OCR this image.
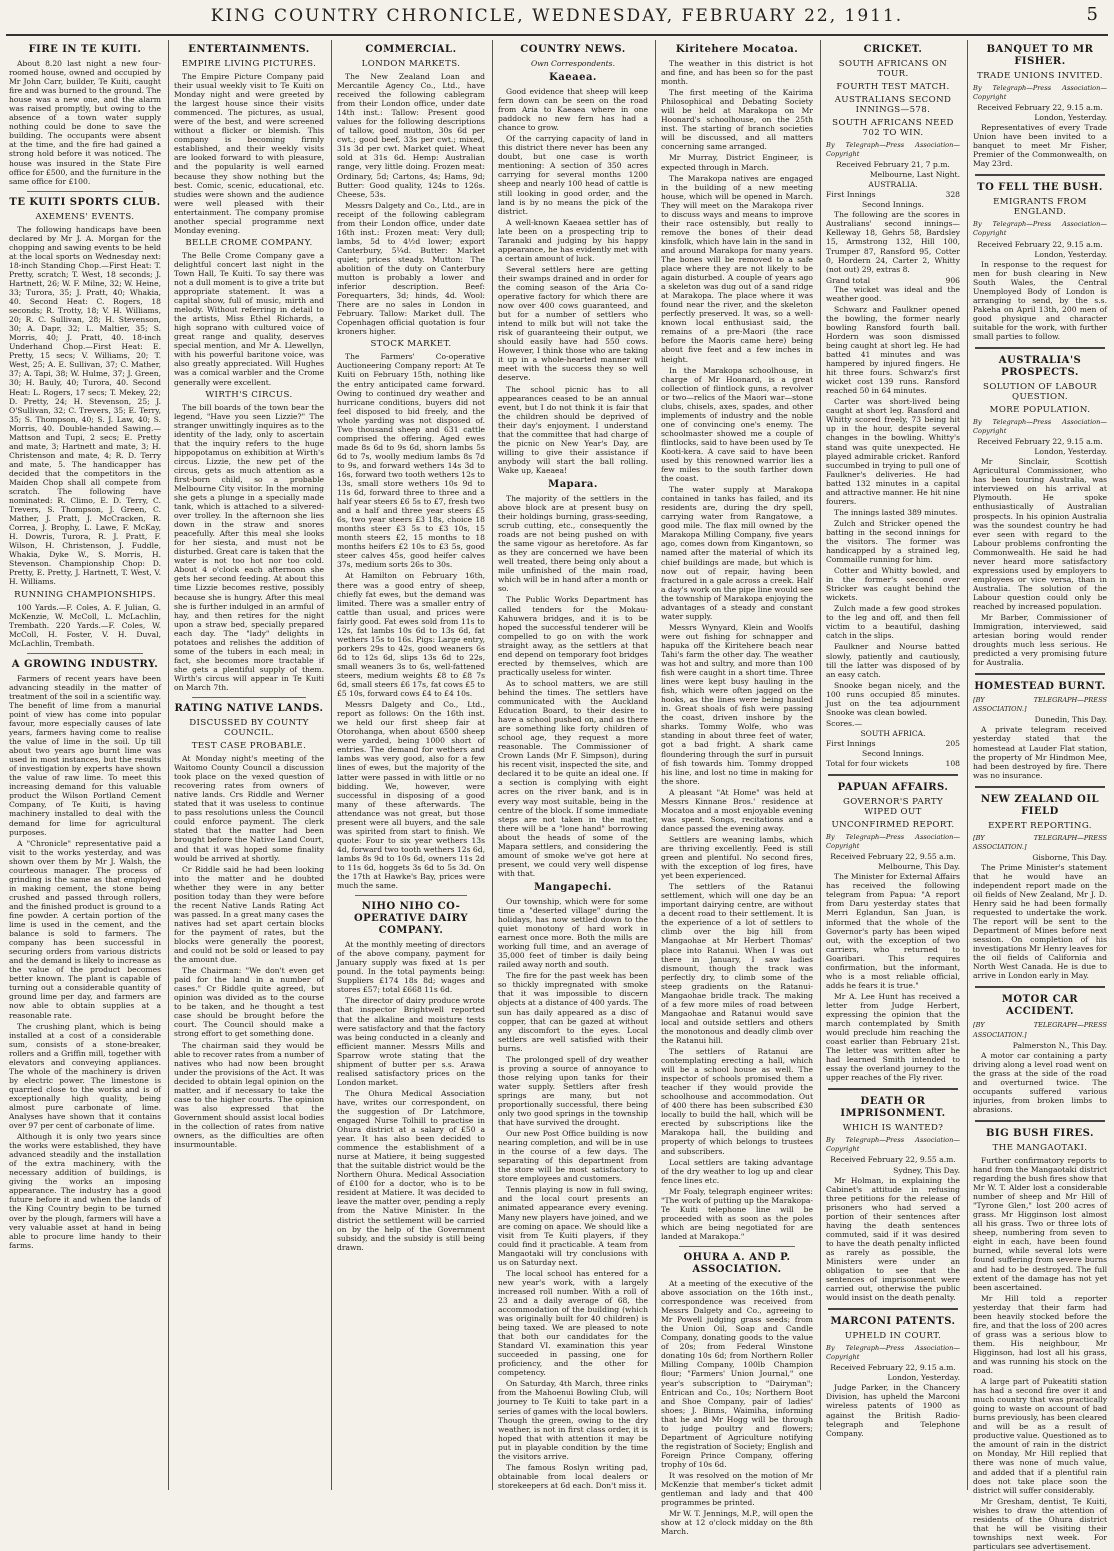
KING COUNTRY CHRONICLE, WEDNESDAY, FEBRUARY 22, 1911.	5
FIRE IN TE KUITI.

About 8.20 last night a new four-roomed house, owned and occupied by Mr John Carr, builder, Te Kuiti, caught fire and was burned to the ground. The house was a new one, and the alarm was raised promptly, but owing to the absence of a town water supply nothing could be done to save the building. The occupants were absent at the time, and the fire had gained a strong hold before it was noticed. The house was insured in the State Fire office for £500, and the furniture in the same office for £100.

TE KUITI SPORTS CLUB.
AXEMENS' EVENTS.

The following handicaps have been declared by Mr J. A. Morgan for the chopping and sawing events to be held at the local sports on Wednesday next: 18-inch Standing Chop.—First Heat: T. Pretty, scratch; T. West, 18 seconds; J. Hartnett, 26; W. F. Milne, 32; W. Heine, 33; Turora, 35; J. Pratt, 40; Whakia, 40. Second Heat: C. Rogers, 18 seconds; R. Trotty, 18; V. H. Williams, 20; R. C. Sullivan, 28; H. Stevenson, 30; A. Dapr, 32; L. Maltier, 35; S. Morris, 40; J. Pratt, 40. 18-inch Underhand Chop.—First Heat: E. Pretty, 15 secs; V. Williams, 20; T. West, 25; A. E. Sullivan, 37; C. Mather, 37; A. Tapi, 38; W. Hulme, 37; J. Green, 30; H. Bauly, 40; Turora, 40. Second Heat: L. Rogers, 17 secs; T. Mekey, 22; D. Pretty, 24; H. Stevenson, 25; J. O'Sullivan, 32; C. Trevers, 35; E. Terry, 35; S. Thompson, 40; S. J. Law, 40; S. Morris, 40. Double-handed Sawing.—Mattson and Tupi, 2 secs; E. Pretty and mate, 3; Hartnett and mate, 3; H. Christenson and mate, 4; R. D. Terry and mate, 5. The handicapper has decided that the competitors in the Maiden Chop shall all compete from scratch. The following have nominated: R. Climo, E. D. Terry, C. Trevers, S. Thompson, J. Green, C. Mather, J. Pratt, J. McCracken, R. Correa, J. Brophy, L. Lawe, F. McKay, H. Dowris, Turora, R. J. Pratt, F. Wilson, H. Christenson, J. Fuddle, Whakia, Dyke W., S. Morris, H. Stevenson. Championship Chop: D. Pretty, E. Pretty, J. Hartnett, T. West, V. H. Williams.

RUNNING CHAMPIONSHIPS.

100 Yards.—F. Coles, A. F. Julian, G. McKenzie, W. McColl, L. McLachlin, Trembath. 220 Yards.—F. Coles, W. McColl, H. Foster, V. H. Duval, McLachlin, Trembath.

A GROWING INDUSTRY.

Farmers of recent years have been advancing steadily in the matter of treatment of the soil in a scientific way. The benefit of lime from a manurial point of view has come into popular favour, more especially causes of late years, farmers having come to realise the value of lime in the soil. Up till about two years ago burnt lime was used in most instances, but the results of investigation by experts have shown the value of raw lime. To meet this increasing demand for this valuable product the Wilson Portland Cement Company, of Te Kuiti, is having machinery installed to deal with the demand for lime for agricultural purposes.

A "Chronicle" representative paid a visit to the works yesterday, and was shown over them by Mr J. Walsh, the courteous manager. The process of grinding is the same as that employed in making cement, the stone being crushed and passed through rollers, and the finished product is ground to a fine powder. A certain portion of the lime is used in the cement, and the balance is sold to farmers. The company has been successful in securing orders from various districts and the demand is likely to increase as the value of the product becomes better known. The plant is capable of turning out a considerable quantity of ground lime per day, and farmers are now able to obtain supplies at a reasonable rate.

The crushing plant, which is being installed at a cost of a considerable sum, consists of a stone-breaker, rollers and a Griffin mill, together with elevators and conveying appliances. The whole of the machinery is driven by electric power. The limestone is quarried close to the works and is of exceptionally high quality, being almost pure carbonate of lime. Analyses have shown that it contains over 97 per cent of carbonate of lime.

Although it is only two years since the works were established, they have advanced steadily and the installation of the extra machinery, with the necessary addition of buildings, is giving the works an imposing appearance. The industry has a good future before it and when the lands of the King Country begin to be turned over by the plough, farmers will have a very valuable asset at hand in being able to procure lime handy to their farms.

ENTERTAINMENTS.
EMPIRE LIVING PICTURES.

The Empire Picture Company paid their usual weekly visit to Te Kuiti on Monday night and were greeted by the largest house since their visits commenced. The pictures, as usual, were of the best, and were screened without a flicker or blemish. This company is becoming firmly established, and their weekly visits are looked forward to with pleasure, and the popularity is well earned because they show nothing but the best. Comic, scenic, educational, etc. studies were shown and the audience were well pleased with their entertainment. The company promise another special programme next Monday evening.

BELLE CROME COMPANY.

The Belle Crome Company gave a delightful concert last night in the Town Hall, Te Kuiti. To say there was not a dull moment is to give a trite but appropriate statement. It was a capital show, full of music, mirth and melody. Without referring in detail to the artists, Miss Ethel Richards, a high soprano with cultured voice of great range and quality, deserves special mention, and Mr A. Llewellyn, with his powerful baritone voice, was also greatly appreciated. Will Hughes was a comical warbler and the Crome generally were excellent.

WIRTH'S CIRCUS.

The bill boards of the town bear the legend, "Have you seen Lizzie?" The stranger unwittingly inquires as to the identity of the lady, only to ascertain that the inquiry refers to the huge hippopotamus on exhibition at Wirth's circus. Lizzie, the new pet of the circus, gets as much attention as a first-born child, so a probable Melbourne City visitor. In the morning she gets a plunge in a specially made tank, which is attached to a silvered-over trolley. In the afternoon she lies down in the straw and snores peacefully. After this meal she looks for her siesta, and must not be disturbed. Great care is taken that the water is not too hot nor too cold. About 4 o'clock each afternoon she gets her second feeding. At about this time Lizzie becomes restive, possibly because she is hungry. After this meal she is further indulged in an armful of hay, and then retires for the night upon a straw bed, specially prepared each day. The "lady" delights in potatoes and relishes the addition of some of the tubers in each meal; in fact, she becomes more tractable if she gets a plentiful supply of them. Wirth's circus will appear in Te Kuiti on March 7th.

RATING NATIVE LANDS.
DISCUSSED BY COUNTY COUNCIL.
TEST CASE PROBABLE.

At Monday night's meeting of the Waitomo County Council a discussion took place on the vexed question of recovering rates from owners of native lands. Crs Riddle and Werner stated that it was useless to continue to pass resolutions unless the Council could enforce payment. The clerk stated that the matter had been brought before the Native Land Court, and that it was hoped some finality would be arrived at shortly.

Cr Riddle said he had been looking into the matter and he doubted whether they were in any better position today than they were before the recent Native Lands Rating Act was passed. In a great many cases the natives had set apart certain blocks for the payment of rates, but the blocks were generally the poorest, and could not be sold or leased to pay the amount due.

The Chairman: "We don't even get paid for the land in a number of cases." Cr Riddle quite agreed, but opinion was divided as to the course to be taken, and he thought a test case should be brought before the court. The Council should make a strong effort to get something done.

The chairman said they would be able to recover rates from a number of natives who had now been brought under the provisions of the Act. It was decided to obtain legal opinion on the matter, and if necessary to take the case to the higher courts. The opinion was also expressed that the Government should assist local bodies in the collection of rates from native owners, as the difficulties are often insurmountable.

COMMERCIAL.
LONDON MARKETS.

The New Zealand Loan and Mercantile Agency Co., Ltd., have received the following cablegram from their London office, under date 14th inst.: Tallow: Present good values for the following descriptions of tallow, good mutton, 30s 6d per cwt.; good beef, 33s per cwt.; mixed, 31s 3d per cwt. Market quiet. Wheat sold at 31s 6d. Hemp: Australian range, very little doing. Frozen meat: Ordinary, 5d; Cartons, 4s; Hams, 9d; Butter: Good quality, 124s to 126s. Cheese, 53s.

Messrs Dalgety and Co., Ltd., are in receipt of the following cablegram from their London office, under date 16th inst.: Frozen meat: Very dull; lambs, 5d to 4½d lower; export Canterbury, 5¼d. Butter: Market quiet; prices steady. Mutton: The abolition of the duty on Canterbury mutton is probably a lower and inferior description. Beef: Forequarters, 3d; hinds, 4d. Wool: There are no sales in London in February. Tallow: Market dull. The Copenhagen official quotation is four kroners higher.

STOCK MARKET.

The Farmers' Co-operative Auctioneering Company report: At Te Kuiti on February 15th, nothing like the entry anticipated came forward. Owing to continued dry weather and hurricane conditions, buyers did not feel disposed to bid freely, and the whole yarding was not disposed of. Two thousand sheep and 631 cattle comprised the offering. Aged ewes made 8s 6d to 9s 6d, shorn lambs 5s 6d to 7s, woolly medium lambs 8s 7d to 9s, and forward wethers 14s 3d to 16s, forward two tooth wethers 12s to 13s, small store wethers 10s 9d to 11s 6d, forward three to three and a half year steers £6 5s to £7, fresh two and a half and three year steers £5 6s, two year steers £3 18s, choice 18 months steer £3 5s to £3 10s, 15 month steers £2, 15 months to 18 months heifers £2 10s to £3 5s, good steer calves 45s, good heifer calves 37s, medium sorts 26s to 30s.

At Hamilton on February 16th, there was a good entry of sheep, chiefly fat ewes, but the demand was limited. There was a smaller entry of cattle than usual, and prices were fairly good. Fat ewes sold from 11s to 12s, fat lambs 10s 6d to 13s 6d, fat wethers 15s to 16s. Pigs: Large entry, porkers 29s to 42s, good weaners 6s 6d to 12s 6d, slips 13s 6d to 22s, small weaners 3s to 6s, well-fattened steers, medium weights £8 to £8 7s 6d, small steers £6 17s, fat cows £5 to £5 10s, forward cows £4 to £4 10s.

Messrs Dalgety and Co., Ltd., report as follows: On the 16th inst. we held our first sheep fair at Otorohanga, when about 6500 sheep were yarded, being 1000 short of entries. The demand for wethers and lambs was very good, also for a few lines of ewes, but the majority of the latter were passed in with little or no bidding. We, however, were successful in disposing of a good many of these afterwards. The attendance was not great, but those present were all buyers, and the sale was spirited from start to finish. We quote: Four to six year wethers 13s 4d, forward two tooth wethers 12s 6d, lambs 8s 9d to 10s 6d, owners 11s 2d to 11s 6d, hoggets 3s 6d to 5s 3d. On the 17th at Hawke's Bay, prices were much the same.

NIHO NIHO CO-OPERATIVE DAIRY COMPANY.

At the monthly meeting of directors of the above company, payment for January supply was fixed at 1s per pound. In the total payments being: Suppliers £174 18s 8d; wages and stores £57; total £668 11s 6d.

The director of dairy produce wrote that inspector Brightwell reported that the alkaline and moisture tests were satisfactory and that the factory was being conducted in a cleanly and efficient manner. Messrs Mills and Sparrow wrote stating that the shipment of butter per s.s. Arawa realised satisfactory prices on the London market.

The Ohura Medical Association have, writes our correspondent, on the suggestion of Dr Latchmore, engaged Nurse Tolhill to practise in Ohura district at a salary of £50 a year. It has also been decided to commence the establishment of a nurse at Matiere, it being suggested that the suitable district would be the Northern Ohura. Medical Association of £100 for a doctor, who is to be resident at Matiere. It was decided to leave the matter over, pending a reply from the Native Minister. In the district the settlement will be carried on by the help of the Government subsidy, and the subsidy is still being drawn.

COUNTRY NEWS.
Own Correspondents.
Kaeaea.

Good evidence that sheep will keep fern down can be seen on the road from Aria to Kaeaea where in one paddock no new fern has had a chance to grow.

Of the carrying capacity of land in this district there never has been any doubt, but one case is worth mentioning: A section of 350 acres carrying for several months 1200 sheep and nearly 100 head of cattle is still looking in good order, and the land is by no means the pick of the district.

A well-known Kaeaea settler has of late been on a prospecting trip to Taranaki and judging by his happy appearance, he has evidently met with a certain amount of luck.

Several settlers here are getting their swamps drained and in order for the coming season of the Aria Co-operative factory for which there are now over 400 cows guaranteed, and but for a number of settlers who intend to milk but will not take the risk of guaranteeing their output, we should easily have had 550 cows. However, I think those who are taking it up in a whole-hearted manner will meet with the success they so well deserve.

The school picnic has to all appearances ceased to be an annual event, but I do not think it is fair that the children should be deprived of their day's enjoyment. I understand that the committee that had charge of the picnic on New Year's Day, are willing to give their assistance if anybody will start the ball rolling. Wake up, Kaeaea!

Mapara.

The majority of the settlers in the above block are at present busy on their holdings burning, grass-seeding, scrub cutting, etc., consequently the roads are not being pushed on with the same vigour as heretofore. As far as they are concerned we have been well treated, there being only about a mile unfinished of the main road, which will be in hand after a month or so.

The Public Works Department has called tenders for the Mokau-Kahuwera bridges, and it is to be hoped the successful tenderer will be compelled to go on with the work straight away, as the settlers at that end depend on temporary foot bridges erected by themselves, which are practically useless for winter.

As to school matters, we are still behind the times. The settlers have communicated with the Auckland Education Board, to their desire to have a school pushed on, and as there are something like forty children of school age, they request a more reasonable. The Commissioner of Crown Lands (Mr F. Simpson), during his recent visit, inspected the site, and declared it to be quite an ideal one. If a section is complying with eight acres on the river bank, and is in every way most suitable, being in the centre of the block. If some immediate steps are not taken in the matter, there will be a "lone hand" borrowing about the heads of some of the Mapara settlers, and considering the amount of smoke we've got here at present, we could very well dispense with that.

Mangapechi.

Our township, which were for some time a "deserted village" during the holidays, has now settled down to the quiet monotony of hard work in earnest once more. Both the mills are working full time, and an average of 35,000 feet of timber is daily being railed away north and south.

The fire for the past week has been so thickly impregnated with smoke that it was impossible to discern objects at a distance of 400 yards. The sun has daily appeared as a disc of copper, that can be gazed at without any discomfort to the eyes. Local settlers are well satisfied with their burns.

The prolonged spell of dry weather is proving a source of annoyance to those relying upon tanks for their water supply. Settlers after fresh springs are many, but not proportionally successful, there being only two good springs in the township that have survived the drought.

Our new Post Office building is now nearing completion, and will be in use in the course of a few days. The separating of this department from the store will be most satisfactory to store employees and customers.

Tennis playing is now in full swing, and the local court presents an animated appearance every evening. Many new players have joined, and we are coming on apace. We should like a visit from Te Kuiti players, if they could find it practicable. A team from Mangaotaki will try conclusions with us on Saturday next.

The local school has entered for a new year's work, with a largely increased roll number. With a roll of 23 and a daily average of 68, the accommodation of the building (which was originally built for 40 children) is being taxed. We are pleased to note that both our candidates for the Standard VI. examination this year succeeded in passing, one for proficiency, and the other for competency.

On Saturday, 4th March, three rinks from the Mahoenui Bowling Club, will journey to Te Kuiti to take part in a series of games with the local bowlers. Though the green, owing to the dry weather, is not in first class order, it is hoped that with attention it may be put in playable condition by the time the visitors arrive.

The famous Roslyn writing pad, obtainable from local dealers or storekeepers at 6d each. Don't miss it.

Kiritehere Mocatoa.

The weather in this district is hot and fine, and has been so for the past month.

The first meeting of the Kairima Philosophical and Debating Society will be held at Marakopa on Mr Hoonard's schoolhouse, on the 25th inst. The starting of branch societies will be discussed, and all matters concerning same arranged.

Mr Murray, District Engineer, is expected through in March.

The Marakopa natives are engaged in the building of a new meeting house, which will be opened in March. They will meet on the Marakopa river to discuss ways and means to improve their race ostensibly, but really to remove the bones of their dead kinsfolk, which have lain in the sand in and around Marakopa for many years. The bones will be removed to a safe place where they are not likely to be again disturbed. A couple of years ago a skeleton was dug out of a sand ridge at Marakopa. The place where it was found near the river, and the skeleton perfectly preserved. It was, so a well-known local enthusiast said, the remains of a pre-Maori (the race before the Maoris came here) being about five feet and a few inches in height.

In the Marakopa schoolhouse, in charge of Mr Hoonard, is a great collection of flintlock guns, a revolver or two—relics of the Maori war—stone clubs, chisels, axes, spades, and other implements of industry and the noble one of convincing one's enemy. The schoolmaster showed me a couple of flintlocks, said to have been used by Te Kooti-kera. A cave said to have been used by this renowned warrior lies a few miles to the south farther down the coast.

The water supply at Marakopa contained in tanks has failed, and its residents are, during the dry spell, carrying water from Rangatowe, a good mile. The flax mill owned by the Marakopa Milling Company, five years ago, comes down from Kingantown, so named after the material of which its chief buildings are made, but which is now out of repair, having been fractured in a gale across a creek. Half a day's work on the pipe line would see the township of Marakopa enjoying the advantages of a steady and constant water supply.

Messrs Wynyard, Klein and Woolfs were out fishing for schnapper and hapuka off the Kiritehere beach near Tahi's farm the other day. The weather was hot and sultry, and more than 100 fish were caught in a short time. Three lines were kept busy hauling in the fish, which were often jagged on the hooks, as the lines were being hauled in. Great shoals of fish were passing the coast, driven inshore by the sharks. Tommy Wolfe, who was standing in about three feet of water, got a bad fright. A shark came floundering through the surf in pursuit of fish towards him. Tommy dropped his line, and lost no time in making for the shore.

A pleasant "At Home" was held at Messrs Kinnane Bros.' residence at Mocatoa and a most enjoyable evening was spent. Songs, recitations and a dance passed the evening away.

Settlers are weaning lambs, which are thriving excellently. Feed is still green and plentiful. No second fires, with the exception of log fires, have yet been experienced.

The settlers of the Ratanui settlement, which will one day be an important dairying centre, are without a decent road to their settlement. It is the experience of a lot of settlers to climb over the big hill from Mangaohae at Mr Herbert Thomas' place into Ratanui. When I was out there in January, I saw ladies dismount, though the track was perfectly dry, to climb some of the steep gradients on the Ratanui-Mangaohae bridle track. The making of a few more miles of road between Mangaohae and Ratanui would save local and outside settlers and others the monotonous and deadly climb over the Ratanui hill.

The settlers of Ratanui are contemplating erecting a hall, which will be a school house as well. The inspector of schools promised them a teacher if they would provide the schoolhouse and accommodation. Out of 400 there has been subscribed £30 locally to build the hall, which will be erected by subscriptions like the Marakopa hall, the building and property of which belongs to trustees and subscribers.

Local settlers are taking advantage of the dry weather to log up and clear fence lines etc.

Mr Foaly, telegraph engineer writes: "The work of putting up the Marakopa-Te Kuiti telephone line will be proceeded with as soon as the poles which are being negotiated for are landed at Marakopa."

OHURA A. AND P. ASSOCIATION.

At a meeting of the executive of the above association on the 16th inst., correspondence was received from Messrs Dalgety and Co., agreeing to Mr Powell judging grass seeds; from the Union Oil, Soap and Candle Company, donating goods to the value of 20s; from Federal Winstone donating 10s 6d; from Northern Roller Milling Company, 100lb Champion flour; "Farmers' Union Journal," one year's subscription to "Dairyman"; Entrican and Co., 10s; Northern Boot and Shoe Company, pair of ladies' shoes; J. Binns, Waimiha, informing that he and Mr Hogg will be through to judge poultry and flowers; Department of Agriculture notifying the registration of Society; English and Foreign Prince Company, offering trophy of 10s 6d.

It was resolved on the motion of Mr McKenzie that member's ticket admit gentleman and lady and that 400 programmes be printed.

Mr W. T. Jennings, M.P., will open the show at 12 o'clock midday on the 8th March.

CRICKET.
SOUTH AFRICANS ON TOUR.
FOURTH TEST MATCH.
AUSTRALIANS SECOND INNINGS—578.
SOUTH AFRICANS NEED 702 TO WIN.
By Telegraph—Press Association—Copyright
Received February 21, 7 p.m.
Melbourne, Last Night.
AUSTRALIA.
First Innings	328
Second Innings.

The following are the scores in Australians' second innings—Kelleway 18, Gehrs 58, Bardsley 15, Armstrong 132, Hill 100, Trumper 87, Ransford 95, Cotter 0, Hordern 24, Carter 2, Whitty (not out) 29, extras 8.

Grand total	906

The wicket was ideal and the weather good.

Schwarz and Faulkner opened the bowling, the former nearly bowling Ransford fourth ball. Hordern was soon dismissed being caught at short leg. He had batted 41 minutes and was hampered by injured fingers. He hit three fours. Schwarz's first wicket cost 139 runs. Ransford reached 50 in 64 minutes.

Carter was short-lived being caught at short leg. Ransford and Whitty scored freely, 73 being hit up in the hour, despite several changes in the bowling. Whitty's stand was quite unexpected. He played admirable cricket. Ranford succumbed in trying to pull one of Faulkner's deliveries. He had batted 132 minutes in a capital and attractive manner. He hit nine fourers.

The innings lasted 389 minutes.

Zulch and Stricker opened the batting in the second innings for the visitors. The former was handicapped by a strained leg, Commaille running for him.

Cotter and Whitty bowled, and in the former's second over Stricker was caught behind the wickets.

Zulch made a few good strokes to the leg and off, and then fell victim to a beautiful, dashing catch in the slips.

Faulkner and Nourse batted slowly, patiently and cautiously, till the latter was disposed of by an easy catch.

Snooke began nicely, and the 100 runs occupied 85 minutes. Just on the tea adjournment Snooke was clean bowled.

Scores.—
SOUTH AFRICA.
First Innings	205
Second Innings.
Total for four wickets	108
PAPUAN AFFAIRS.
GOVERNOR'S PARTY WIPED OUT
UNCONFIRMED REPORT.
By Telegraph—Press Association—Copyright
Received February 22, 9.55 a.m.
Melbourne, This Day.

The Minister for External Affairs has received the following telegram from Papua: "A report from Daru yesterday states that Merri Eglandun, San Juan, is informed that the whole of the Governor's party has been wiped out, with the exception of two carriers, who returned to Goaribari. This requires confirmation, but the informant, who is a most reliable official, adds he fears it is true."

Mr A. Lee Hunt has received a letter from Judge Herbert, expressing the opinion that the march contemplated by Smith would preclude him reaching the coast earlier than February 21st. The letter was written after he had learned Smith intended to essay the overland journey to the upper reaches of the Fly river.

DEATH OR IMPRISONMENT.
WHICH IS WANTED?
By Telegraph—Press Association—Copyright
Received February 22, 9.55 a.m.
Sydney, This Day.

Mr Holman, in explaining the Cabinet's attitude in refusing three petitions for the release of prisoners who had served a portion of their sentences after having the death sentences commuted, said if it was desired to have the death penalty inflicted as rarely as possible, the Ministers were under an obligation to see that the sentences of imprisonment were carried out, otherwise the public would insist on the death penalty.

MARCONI PATENTS.
UPHELD IN COURT.
By Telegraph—Press Association—Copyright
Received February 22, 9.15 a.m.
London, Yesterday.

Judge Parker, in the Chancery Division, has upheld the Marconi wireless patents of 1900 as against the British Radio-telegraph and Telephone Company.

BANQUET TO MR FISHER.
TRADE UNIONS INVITED.
By Telegraph—Press Association—Copyright
Received February 22, 9.15 a.m.
London, Yesterday.

Representatives of every Trade Union have been invited to a banquet to meet Mr Fisher, Premier of the Commonwealth, on May 23rd.

TO FELL THE BUSH.
EMIGRANTS FROM ENGLAND.
By Telegraph—Press Association—Copyright
Received February 22, 9.15 a.m.
London, Yesterday.

In response to the request for men for bush clearing in New South Wales, the Central Unemployed Body of London is arranging to send, by the s.s. Pakeha on April 13th, 200 men of good physique and character suitable for the work, with further small parties to follow.

AUSTRALIA'S PROSPECTS.
SOLUTION OF LABOUR QUESTION.
MORE POPULATION.
By Telegraph—Press Association—Copyright
Received February 22, 9.15 a.m.
London, Yesterday.

Mr Sinclair, Scottish Agricultural Commissioner, who has been touring Australia, was interviewed on his arrival at Plymouth. He spoke enthusiastically of Australian prospects. In his opinion Australia was the soundest country he had ever seen with regard to the Labour problems confronting the Commonwealth. He said he had never heard more satisfactory expressions used by employers to employees or vice versa, than in Australia. The solution of the Labour question could only be reached by increased population.

Mr Barber, Commissioner of Immigration, interviewed, said artesian boring would render droughts much less serious. He predicted a very promising future for Australia.

HOMESTEAD BURNT.
[BY TELEGRAPH—PRESS ASSOCIATION.]
Dunedin, This Day.

A private telegram received yesterday stated that the homestead at Lauder Flat station, the property of Mr Hindmon Mee, had been destroyed by fire. There was no insurance.

NEW ZEALAND OIL FIELD
EXPERT REPORTING.
[BY TELEGRAPH—PRESS ASSOCIATION.]
Gisborne, This Day.

The Prime Minister's statement that he would have an independent report made on the oil fields of New Zealand, Mr J. D. Henry said he had been formally requested to undertake the work. The report will be sent to the Department of Mines before next session. On completion of his investigations Mr Henry leaves for the oil fields of California and North West Canada. He is due to arrive in London early in May.

MOTOR CAR ACCIDENT.
[BY TELEGRAPH—PRESS ASSOCIATION.]
Palmerston N., This Day.

A motor car containing a party driving along a level road went on the grass at the side of the road and overturned twice. The occupants suffered various injuries, from broken limbs to abrasions.

BIG BUSH FIRES.
THE MANGAOTAKI.

Further confirmatory reports to hand from the Mangaotaki district regarding the bush fires show that Mr W. T. Alder lost a considerable number of sheep and Mr Hill of "Tyrone Glen," lost 200 acres of grass. Mr Higginson lost almost all his grass. Two or three lots of sheep, numbering from seven to eight in each, have been found burned, while several lots were found suffering from severe burns and had to be destroyed. The full extent of the damage has not yet been ascertained.

Mr Hill told a reporter yesterday that their farm had been heavily stocked before the fire, and that the loss of 200 acres of grass was a serious blow to them. His neighbour, Mr Higginson, had lost all his grass, and was running his stock on the road.

A large part of Pukeatiti station has had a second fire over it and much country that was practically going to waste on account of bad burns previously, has been cleared and will be as a result of productive value. Questioned as to the amount of rain in the district on Monday, Mr Hill replied that there was none of much value, and added that if a plentiful rain does not take place soon the district will suffer considerably.

Mr Gresham, dentist, Te Kuiti, wishes to draw the attention of residents of the Ohura district that he will be visiting their townships next week. For particulars see advertisement.
